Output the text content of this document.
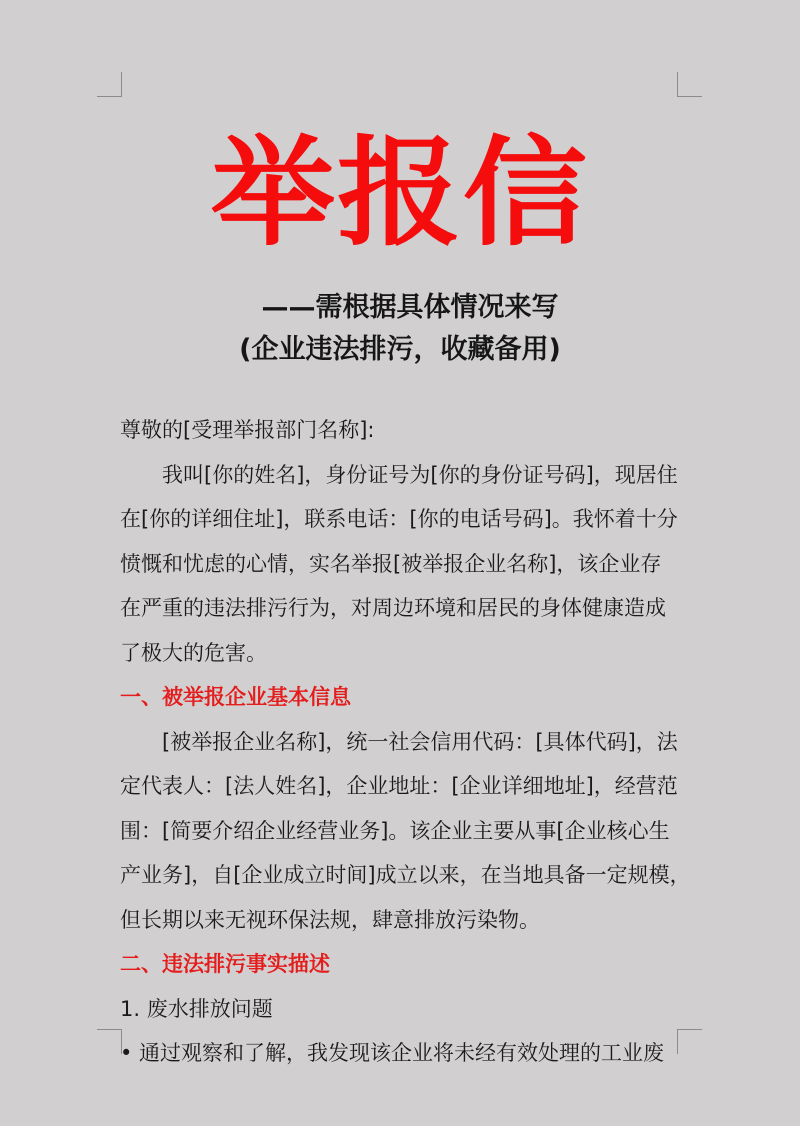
举报信
——需根据具体情况来写
(企业违法排污，收藏备用)
尊敬的[受理举报部门名称]:
我叫[你的姓名]，身份证号为[你的身份证号码]，现居住
在[你的详细住址]，联系电话：[你的电话号码]。我怀着十分
愤慨和忧虑的心情，实名举报[被举报企业名称]，该企业存
在严重的违法排污行为，对周边环境和居民的身体健康造成
了极大的危害。
一、被举报企业基本信息
[被举报企业名称]，统一社会信用代码：[具体代码]，法
定代表人：[法人姓名]，企业地址：[企业详细地址]，经营范
围：[简要介绍企业经营业务]。该企业主要从事[企业核心生
产业务]，自[企业成立时间]成立以来，在当地具备一定规模，
但长期以来无视环保法规，肆意排放污染物。
二、违法排污事实描述
1. 废水排放问题
• 通过观察和了解，我发现该企业将未经有效处理的工业废
